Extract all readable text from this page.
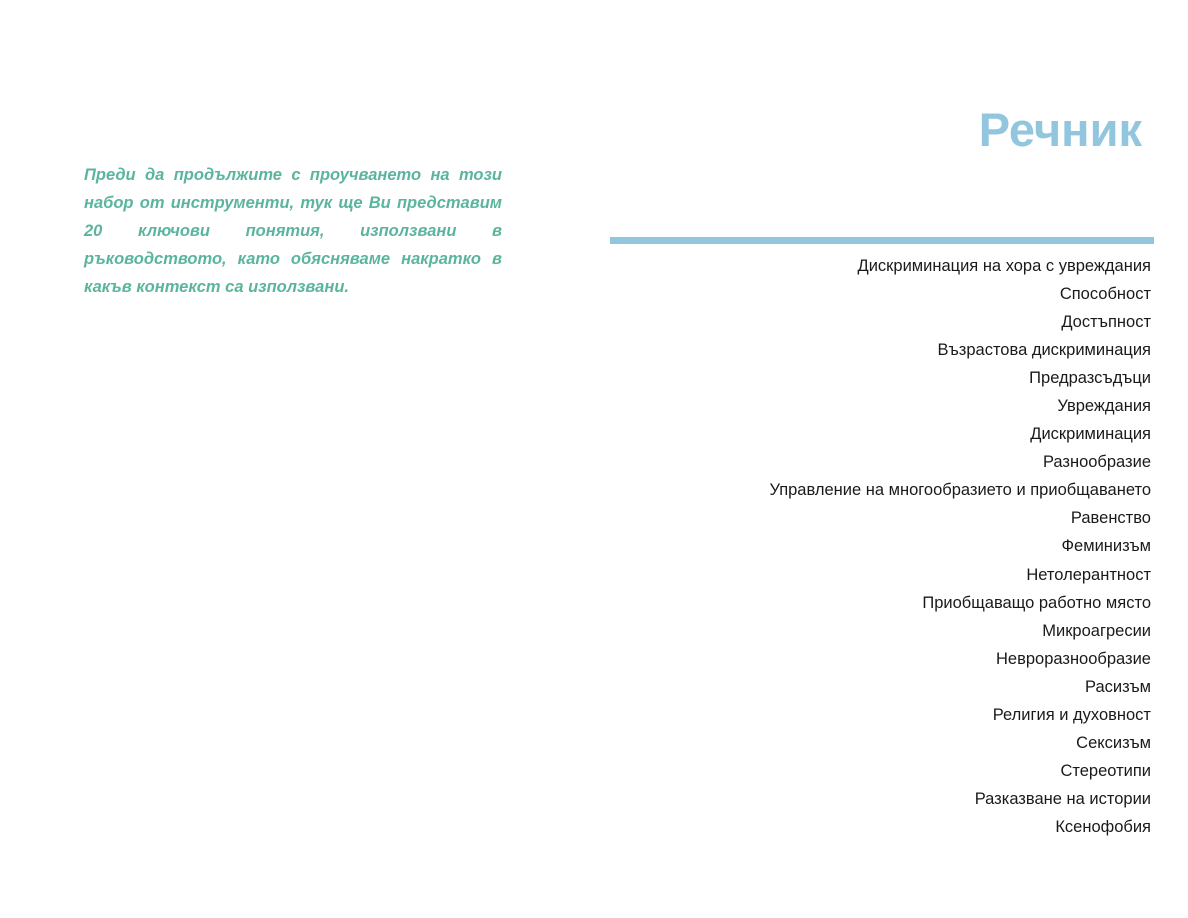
Преди да продължите с проучването на този набор от инструменти, тук ще Ви представим 20 ключови понятия, използвани в ръководството, като обясняваме накратко в какъв контекст са използвани.

Речник
Дискриминация на хора с увреждания
Способност
Достъпност
Възрастова дискриминация
Предразсъдъци
Увреждания
Дискриминация
Разнообразие
Управление на многообразието и приобщаването
Равенство
Феминизъм
Нетолерантност
Приобщаващо работно място
Микроагресии
Невроразнообразие
Расизъм
Религия и духовност
Сексизъм
Стереотипи
Разказване на истории
Ксенофобия
